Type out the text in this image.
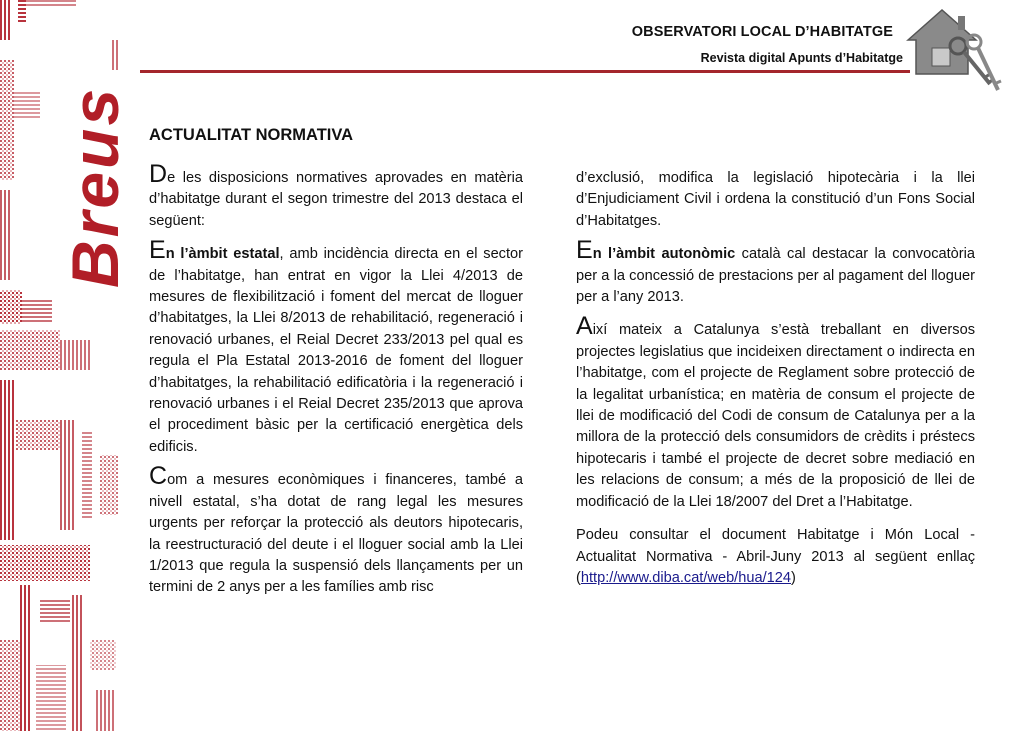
Breus
OBSERVATORI LOCAL D’HABITATGE
Revista digital Apunts d’Habitatge
ACTUALITAT NORMATIVA

De les disposicions normatives aprovades en matèria d’habitatge durant el segon trimestre del 2013 destaca el següent:

En l’àmbit estatal, amb incidència directa en el sector de l’habitatge, han entrat en vigor la Llei 4/2013 de mesures de flexibilització i foment del mercat de lloguer d’habitatges, la Llei 8/2013 de rehabilitació, regeneració i renovació urbanes, el Reial Decret 233/2013 pel qual es regula el Pla Estatal 2013-2016 de foment del lloguer d’habitatges, la rehabilitació edificatòria i la regeneració i renovació urbanes i el Reial Decret 235/2013 que aprova el procediment bàsic per la certificació energètica dels edificis.

Com a mesures econòmiques i financeres, també a nivell estatal, s’ha dotat de rang legal les mesures urgents per reforçar la protecció als deutors hipotecaris, la reestructuració del deute i el lloguer social amb la Llei 1/2013 que regula la suspensió dels llançaments per un termini de 2 anys per a les famílies amb risc

d’exclusió, modifica la legislació hipotecària i la llei d’Enjudiciament Civil i ordena la constitució d’un Fons Social d’Habitatges.

En l’àmbit autonòmic català cal destacar la convocatòria per a la concessió de prestacions per al pagament del lloguer per a l’any 2013.

Així mateix a Catalunya s’està treballant en diversos projectes legislatius que incideixen directament o indirecta en l’habitatge, com el projecte de Reglament sobre protecció de la legalitat urbanística; en matèria de consum el projecte de llei de modificació del Codi de consum de Catalunya per a la millora de la protecció dels consumidors de crèdits i préstecs hipotecaris i també el projecte de decret sobre mediació en les relacions de consum; a més de la proposició de llei de modificació de la Llei 18/2007 del Dret a l’Habitatge.

Podeu consultar el document Habitatge i Món Local - Actualitat Normativa - Abril-Juny 2013 al següent enllaç (http://www.diba.cat/web/hua/124)
